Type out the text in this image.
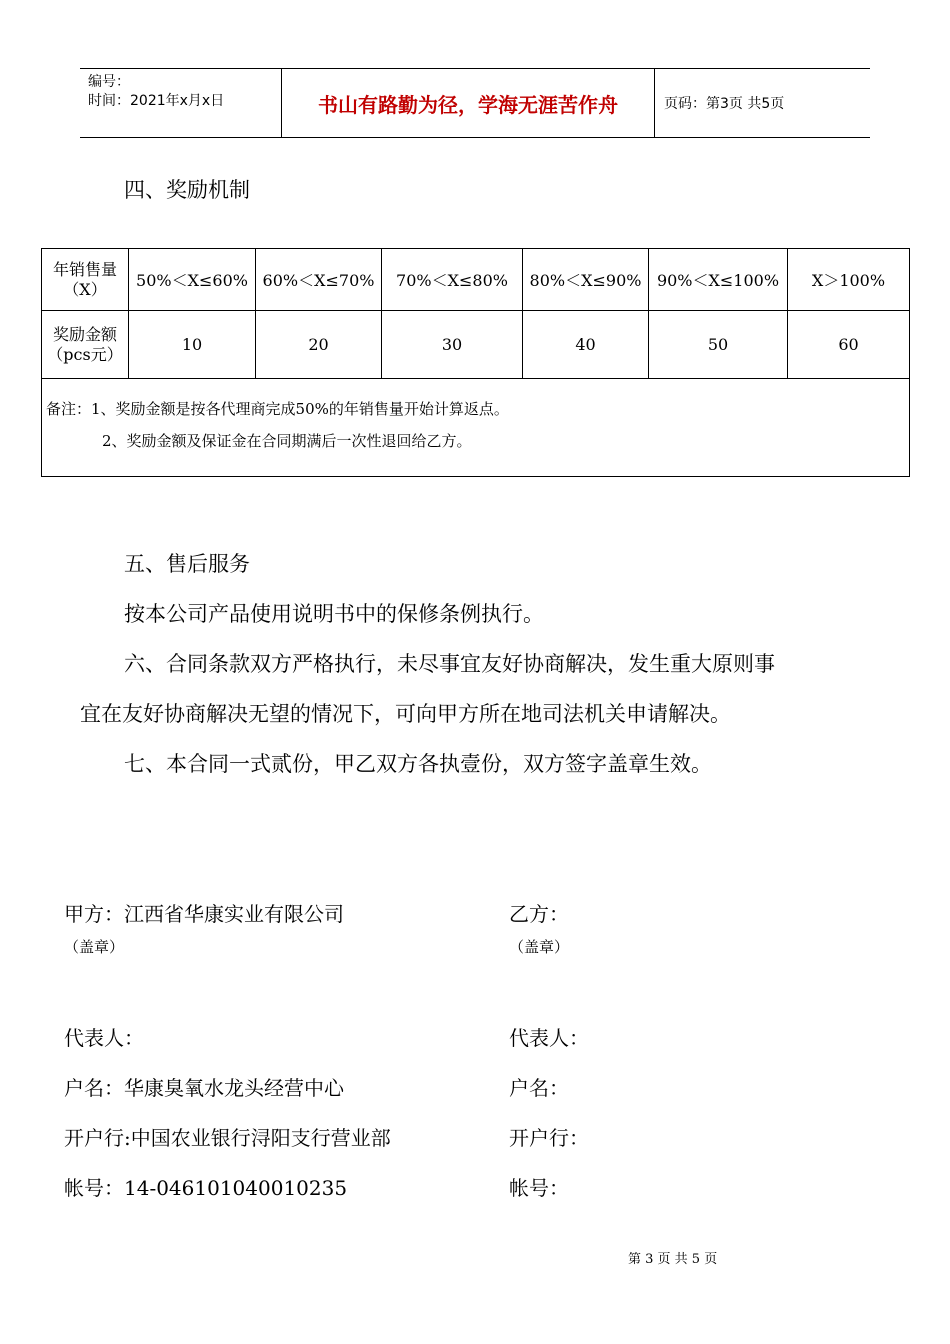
编号：
时间：2021年x月x日	书山有路勤为径，学海无涯苦作舟	页码：第3页 共5页
四、奖励机制
年销售量（X）	50%＜X≤60%	60%＜X≤70%	70%＜X≤80%	80%＜X≤90%	90%＜X≤100%	X＞100%
奖励金额（pcs元）	10	20	30	40	50	60

备注：1、奖励金额是按各代理商完成50%的年销售量开始计算返点。
2、奖励金额及保证金在合同期满后一次性退回给乙方。						
五、售后服务
按本公司产品使用说明书中的保修条例执行。
六、合同条款双方严格执行，未尽事宜友好协商解决，发生重大原则事
宜在友好协商解决无望的情况下，可向甲方所在地司法机关申请解决。
七、本合同一式贰份，甲乙双方各执壹份，双方签字盖章生效。
甲方：江西省华康实业有限公司
（盖章）
代表人：
户名：华康臭氧水龙头经营中心
开户行:中国农业银行浔阳支行营业部
帐号：14-046101040010235
乙方：
（盖章）
代表人：
户名：
开户行：
帐号：
第 3 页 共 5 页
